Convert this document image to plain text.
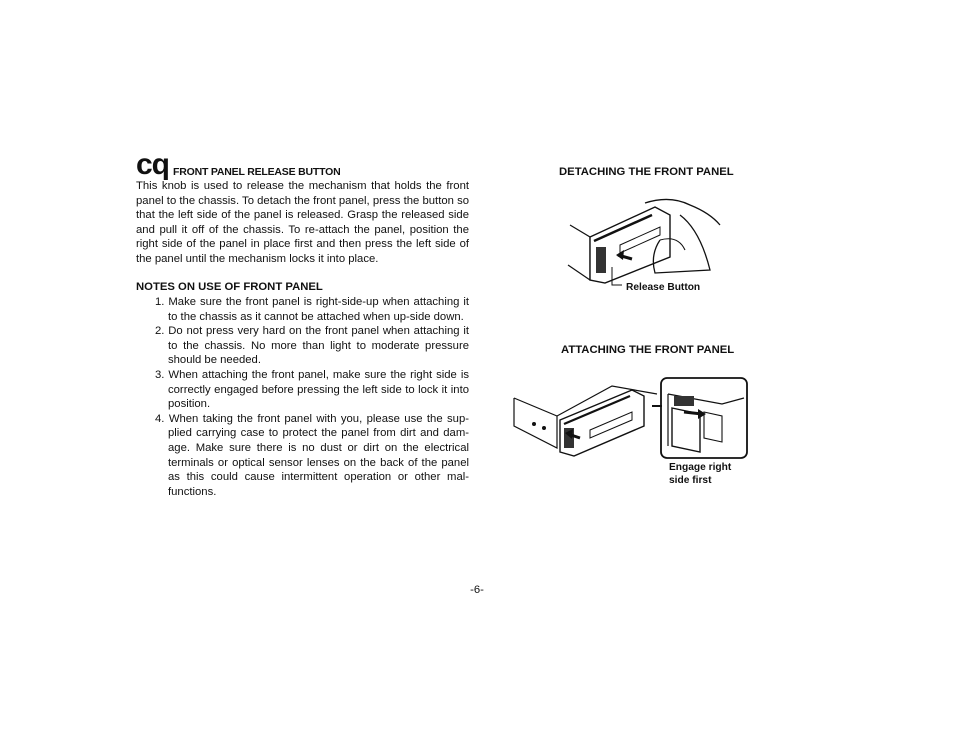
cq FRONT PANEL RELEASE BUTTON
This knob is used to release the mechanism that holds the front panel to the chassis. To detach the front panel, press the button so that the left side of the panel is released. Grasp the released side and pull it off of the chassis. To re-attach the panel, position the right side of the panel in place first and then press the left side of the panel until the mechanism locks it into place.
NOTES ON USE OF FRONT PANEL
1. Make sure the front panel is right-side-up when attaching it to the chassis as it cannot be attached when up-side down.
2. Do not press very hard on the front panel when attaching it to the chassis. No more than light to moderate pressure should be needed.
3. When attaching the front panel, make sure the right side is correctly engaged before pressing the left side to lock it into position.
4. When taking the front panel with you, please use the sup-plied carrying case to protect the panel from dirt and dam-age. Make sure there is no dust or dirt on the electrical terminals or optical sensor lenses on the back of the panel as this could cause intermittent operation or other mal-functions.
DETACHING THE FRONT PANEL
Release Button
ATTACHING THE FRONT PANEL
Engage right
side first
-6-
